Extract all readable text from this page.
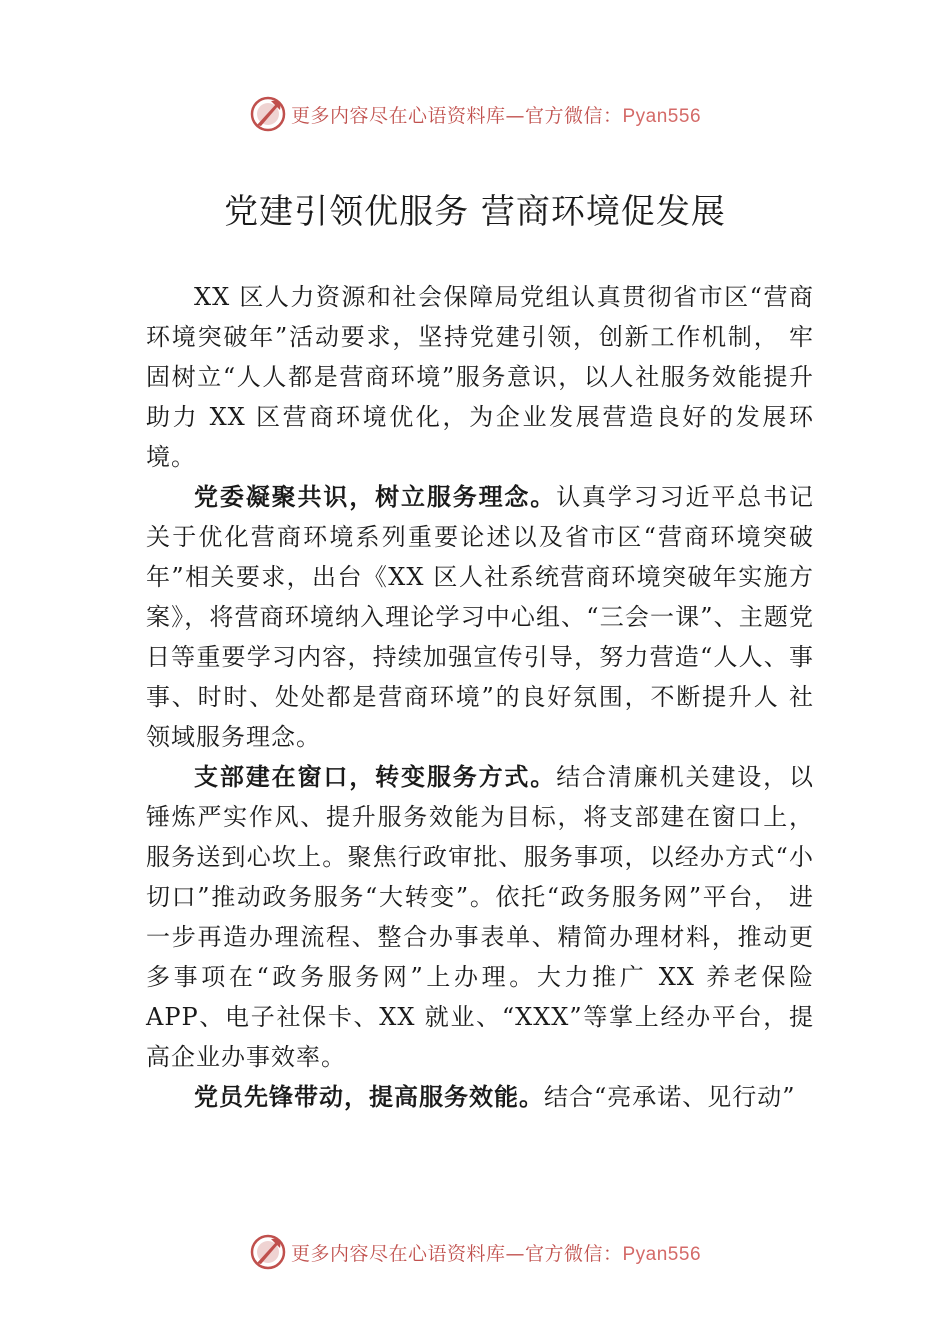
更多内容尽在心语资料库—官方微信：Pyan556
党建引领优服务 营商环境促发展

XX 区人力资源和社会保障局党组认真贯彻省市区“营商环境突破年”活动要求，坚持党建引领，创新工作机制， 牢固树立“人人都是营商环境”服务意识，以人社服务效能提升助力 XX 区营商环境优化，为企业发展营造良好的发展环境。

党委凝聚共识，树立服务理念。认真学习习近平总书记关于优化营商环境系列重要论述以及省市区“营商环境突破年”相关要求，出台《XX 区人社系统营商环境突破年实施方案》，将营商环境纳入理论学习中心组、“三会一课”、主题党日等重要学习内容，持续加强宣传引导，努力营造“人人、事事、时时、处处都是营商环境”的良好氛围，不断提升人 社领域服务理念。

支部建在窗口，转变服务方式。结合清廉机关建设，以锤炼严实作风、提升服务效能为目标，将支部建在窗口上， 服务送到心坎上。聚焦行政审批、服务事项，以经办方式“小切口”推动政务服务“大转变”。依托“政务服务网”平台， 进一步再造办理流程、整合办事表单、精简办理材料，推动更多事项在“政务服务网”上办理。大力推广 XX 养老保险 APP、电子社保卡、XX 就业、“XXX”等掌上经办平台，提高企业办事效率。

党员先锋带动，提高服务效能。结合“亮承诺、见行动”

更多内容尽在心语资料库—官方微信：Pyan556
